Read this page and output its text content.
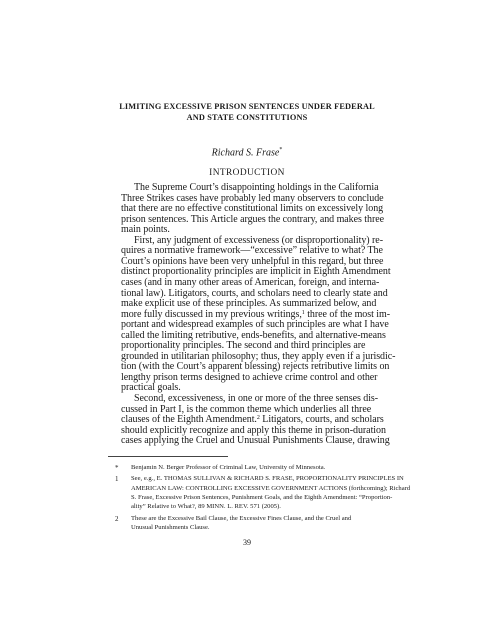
LIMITING EXCESSIVE PRISON SENTENCES UNDER FEDERAL
AND STATE CONSTITUTIONS
Richard S. Frase*
INTRODUCTION
The Supreme Court’s disappointing holdings in the California
Three Strikes cases have probably led many observers to conclude
that there are no effective constitutional limits on excessively long
prison sentences. This Article argues the contrary, and makes three
main points.
First, any judgment of excessiveness (or disproportionality) re-
quires a normative framework—“excessive” relative to what? The
Court’s opinions have been very unhelpful in this regard, but three
distinct proportionality principles are implicit in Eighth Amendment
cases (and in many other areas of American, foreign, and interna-
tional law). Litigators, courts, and scholars need to clearly state and
make explicit use of these principles. As summarized below, and
more fully discussed in my previous writings,$^1$ three of the most im-
portant and widespread examples of such principles are what I have
called the limiting retributive, ends-benefits, and alternative-means
proportionality principles. The second and third principles are
grounded in utilitarian philosophy; thus, they apply even if a jurisdic-
tion (with the Court’s apparent blessing) rejects retributive limits on
lengthy prison terms designed to achieve crime control and other
practical goals.
Second, excessiveness, in one or more of the three senses dis-
cussed in Part I, is the common theme which underlies all three
clauses of the Eighth Amendment.$^2$ Litigators, courts, and scholars
should explicitly recognize and apply this theme in prison-duration
cases applying the Cruel and Unusual Punishments Clause, drawing
* Benjamin N. Berger Professor of Criminal Law, University of Minnesota.
1 See, e.g., E. THOMAS SULLIVAN & RICHARD S. FRASE, PROPORTIONALITY PRINCIPLES IN
AMERICAN LAW: CONTROLLING EXCESSIVE GOVERNMENT ACTIONS (forthcoming); Richard
S. Frase, Excessive Prison Sentences, Punishment Goals, and the Eighth Amendment: “Proportion-
ality” Relative to What?, 89 MINN. L. REV. 571 (2005).
2 These are the Excessive Bail Clause, the Excessive Fines Clause, and the Cruel and
Unusual Punishments Clause.
39
